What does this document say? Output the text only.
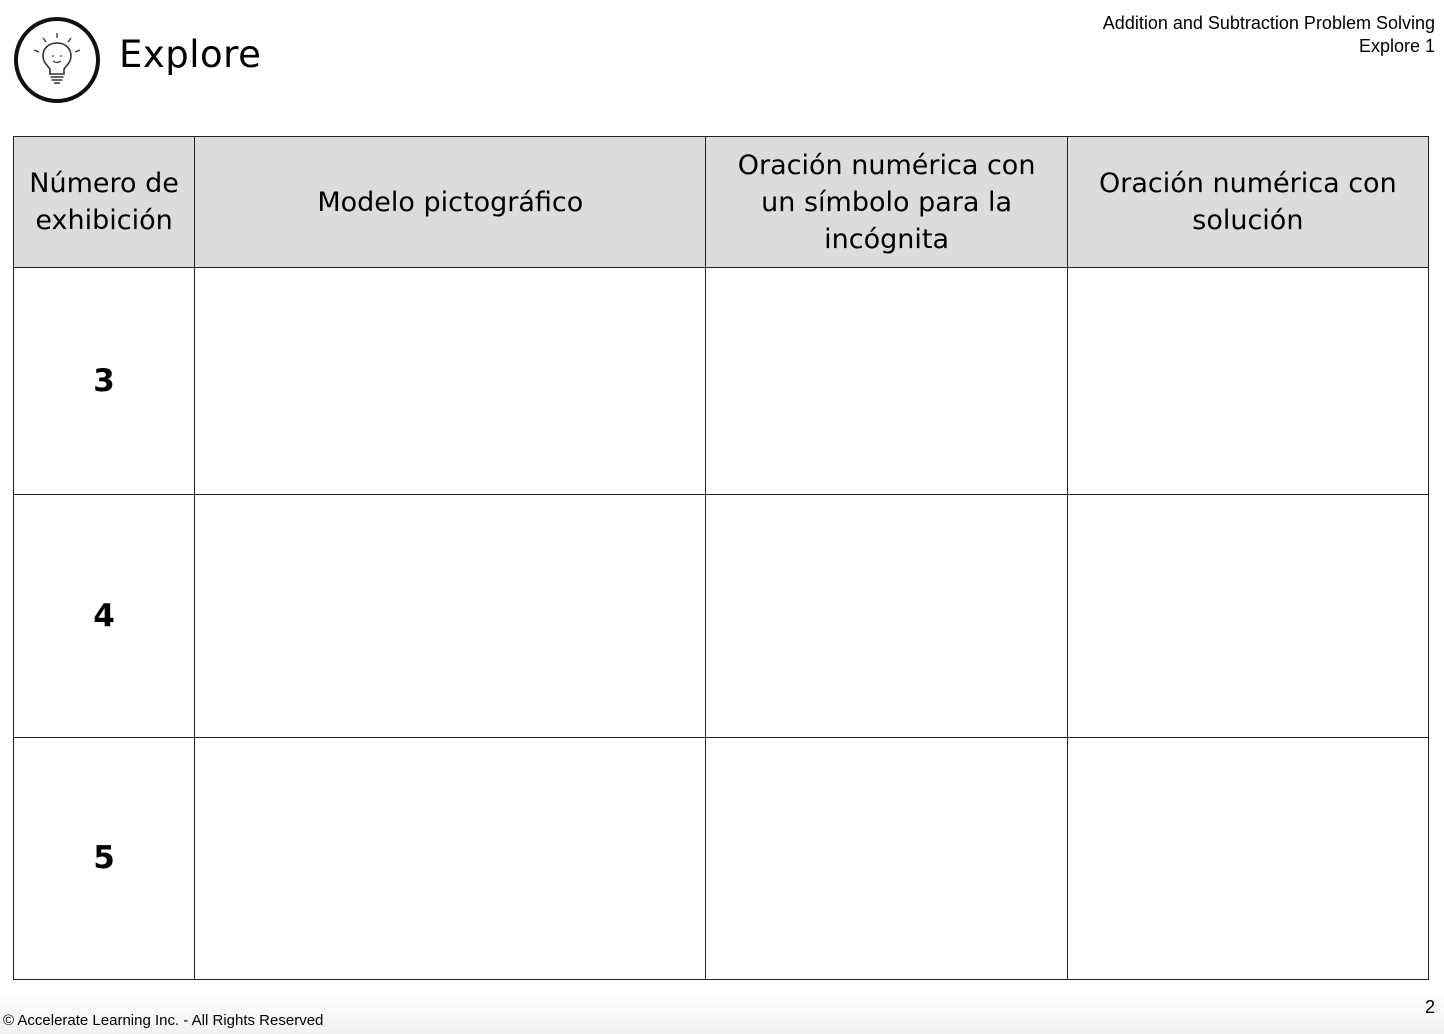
Explore
Addition and Subtraction Problem Solving
Explore 1
Número de exhibición	Modelo pictográfico	Oración numérica con un símbolo para la incógnita	Oración numérica con solución
3			
4			
5			
© Accelerate Learning Inc. - All Rights Reserved
2
